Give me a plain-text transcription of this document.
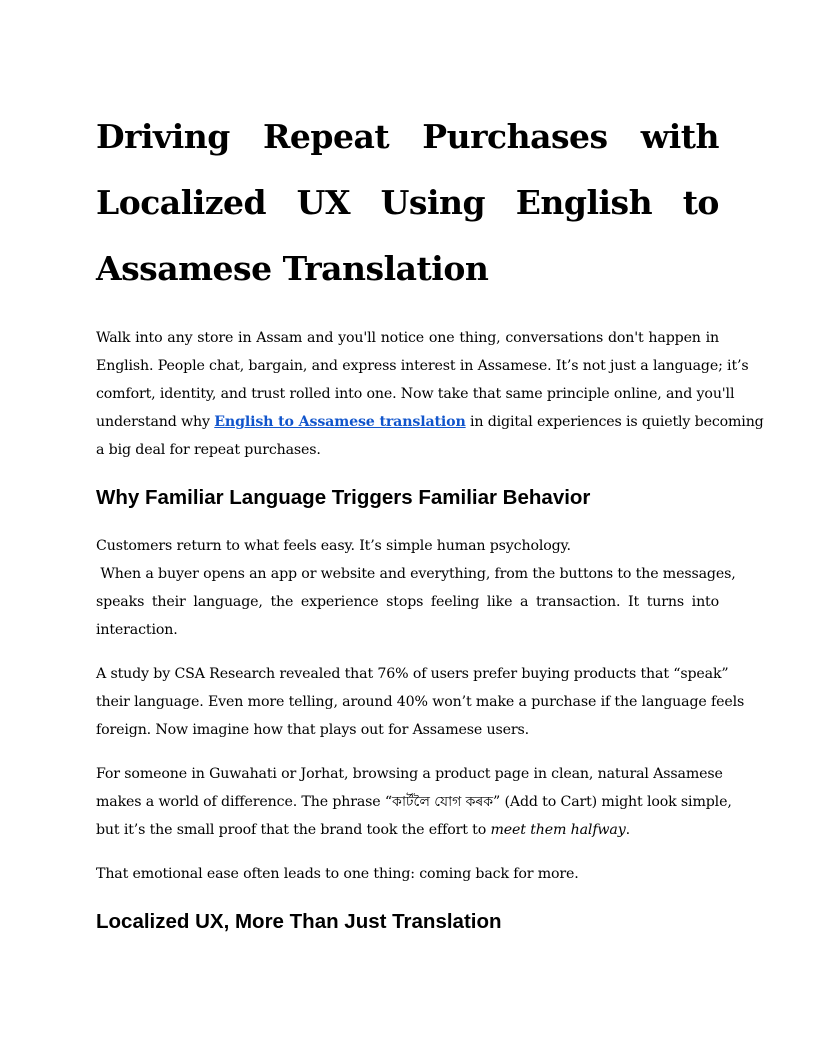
Driving Repeat Purchases with
Localized UX Using English to
Assamese Translation

Walk into any store in Assam and you'll notice one thing, conversations don't happen in
English. People chat, bargain, and express interest in Assamese. It’s not just a language; it’s
comfort, identity, and trust rolled into one. Now take that same principle online, and you'll
understand why English to Assamese translation in digital experiences is quietly becoming
a big deal for repeat purchases.

Why Familiar Language Triggers Familiar Behavior

Customers return to what feels easy. It’s simple human psychology.
When a buyer opens an app or website and everything, from the buttons to the messages,
speaks their language, the experience stops feeling like a transaction. It turns into
interaction.

A study by CSA Research revealed that 76% of users prefer buying products that “speak”
their language. Even more telling, around 40% won’t make a purchase if the language feels
foreign. Now imagine how that plays out for Assamese users.

For someone in Guwahati or Jorhat, browsing a product page in clean, natural Assamese
makes a world of difference. The phrase “কার্টলৈ যোগ কৰক” (Add to Cart) might look simple,
but it’s the small proof that the brand took the effort to meet them halfway.

That emotional ease often leads to one thing: coming back for more.

Localized UX, More Than Just Translation
